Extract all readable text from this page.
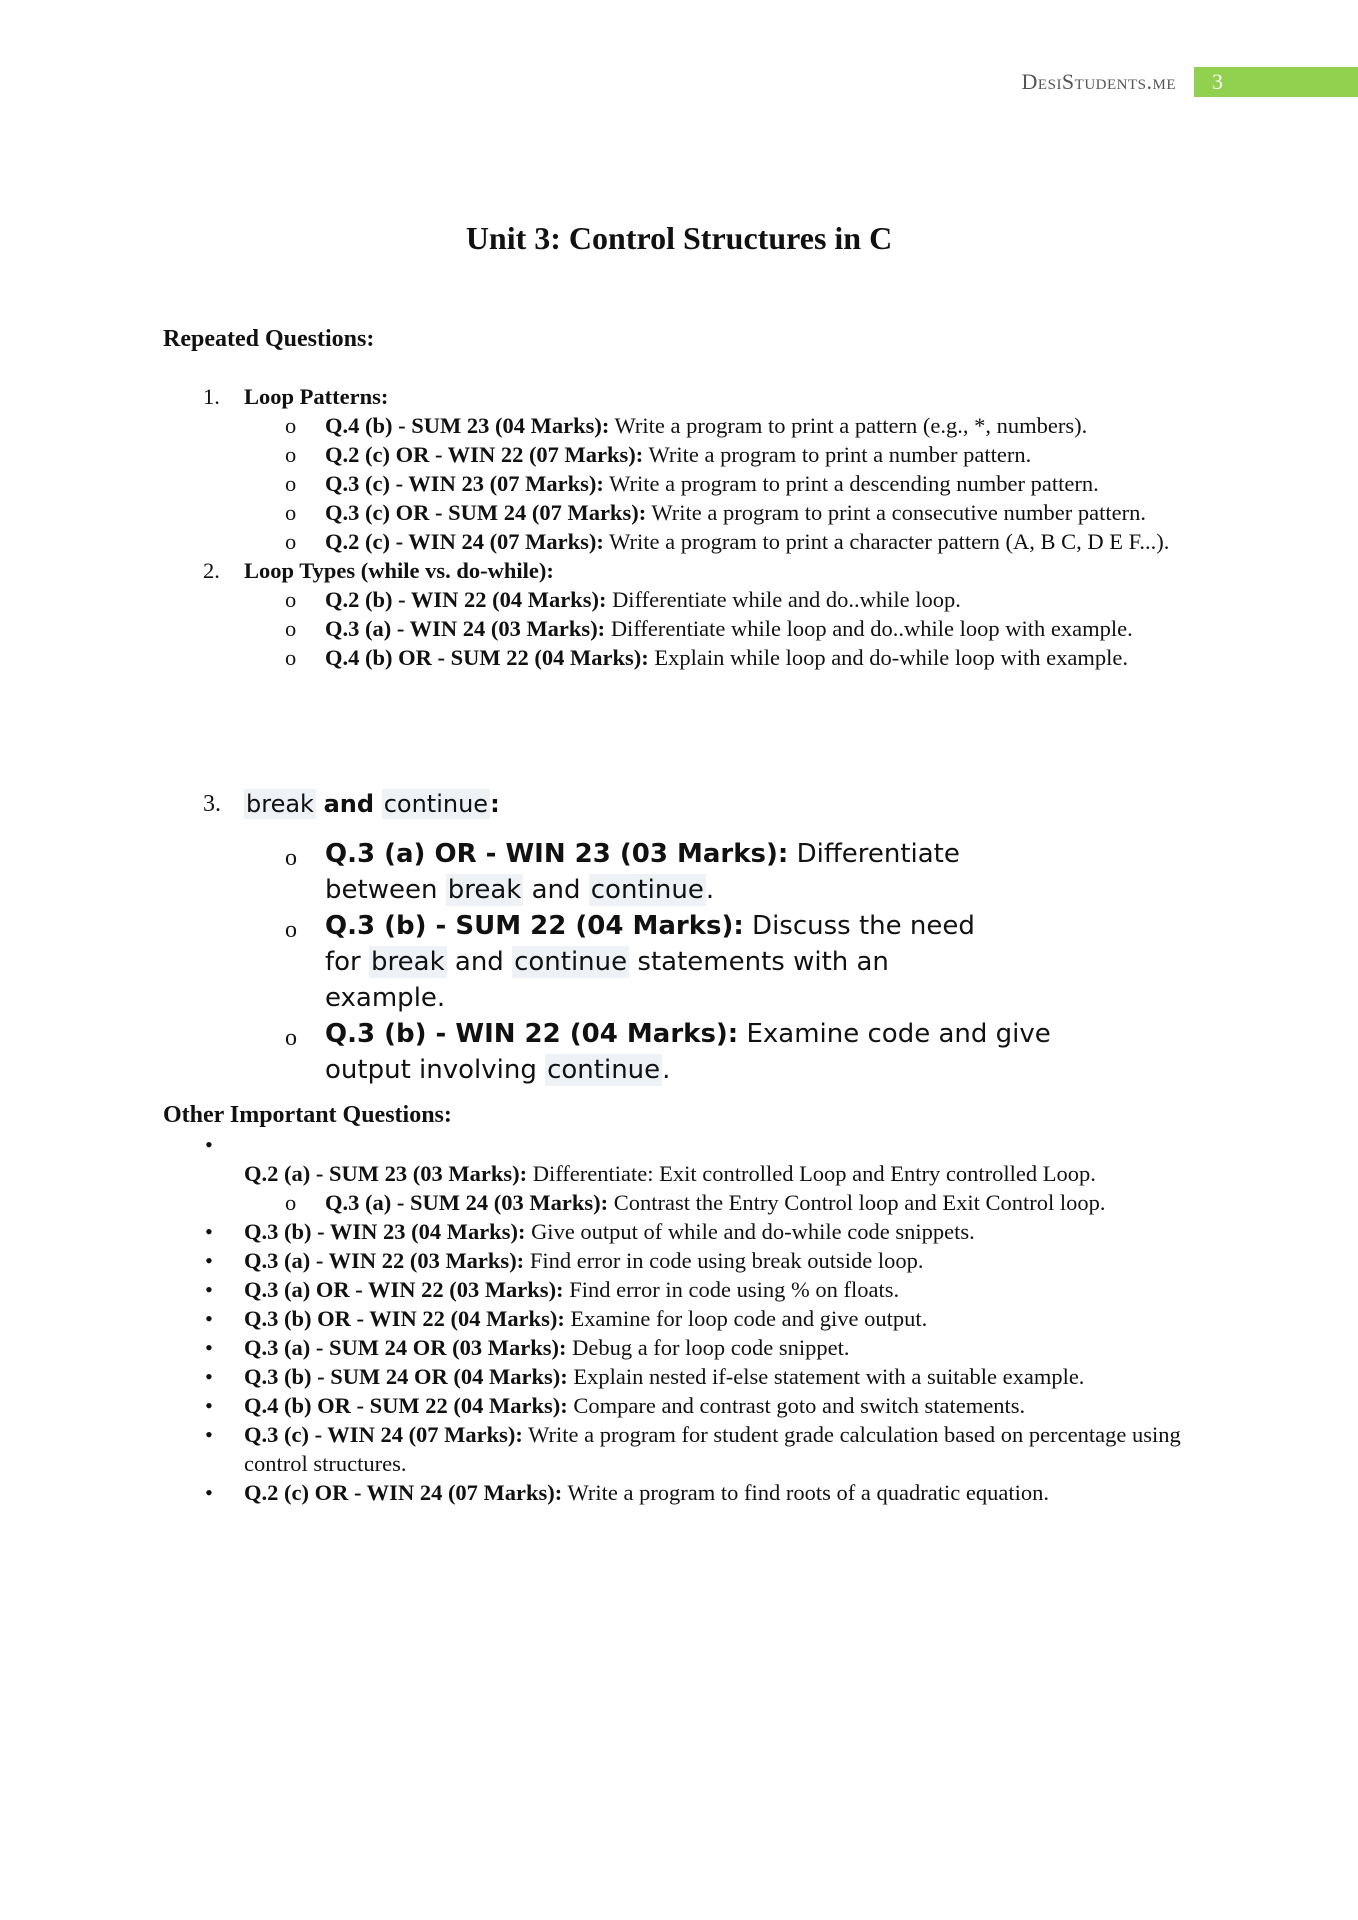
DesiStudents.me 3
Unit 3: Control Structures in C
Repeated Questions:
1. Loop Patterns:
o Q.4 (b) - SUM 23 (04 Marks): Write a program to print a pattern (e.g., *, numbers).
o Q.2 (c) OR - WIN 22 (07 Marks): Write a program to print a number pattern.
o Q.3 (c) - WIN 23 (07 Marks): Write a program to print a descending number pattern.
o Q.3 (c) OR - SUM 24 (07 Marks): Write a program to print a consecutive number pattern.
o Q.2 (c) - WIN 24 (07 Marks): Write a program to print a character pattern (A, B C, D E F...).
2. Loop Types (while vs. do-while):
o Q.2 (b) - WIN 22 (04 Marks): Differentiate while and do..while loop.
o Q.3 (a) - WIN 24 (03 Marks): Differentiate while loop and do..while loop with example.
o Q.4 (b) OR - SUM 22 (04 Marks): Explain while loop and do-while loop with example.
3. break and continue:
o Q.3 (a) OR - WIN 23 (03 Marks): Differentiate between break and continue.
o Q.3 (b) - SUM 22 (04 Marks): Discuss the need for break and continue statements with an example.
o Q.3 (b) - WIN 22 (04 Marks): Examine code and give output involving continue.
Other Important Questions:
•

Q.2 (a) - SUM 23 (03 Marks): Differentiate: Exit controlled Loop and Entry controlled Loop.
o Q.3 (a) - SUM 24 (03 Marks): Contrast the Entry Control loop and Exit Control loop.
• Q.3 (b) - WIN 23 (04 Marks): Give output of while and do-while code snippets.
• Q.3 (a) - WIN 22 (03 Marks): Find error in code using break outside loop.
• Q.3 (a) OR - WIN 22 (03 Marks): Find error in code using % on floats.
• Q.3 (b) OR - WIN 22 (04 Marks): Examine for loop code and give output.
• Q.3 (a) - SUM 24 OR (03 Marks): Debug a for loop code snippet.
• Q.3 (b) - SUM 24 OR (04 Marks): Explain nested if-else statement with a suitable example.
• Q.4 (b) OR - SUM 22 (04 Marks): Compare and contrast goto and switch statements.
• Q.3 (c) - WIN 24 (07 Marks): Write a program for student grade calculation based on percentage using control structures.
• Q.2 (c) OR - WIN 24 (07 Marks): Write a program to find roots of a quadratic equation.
